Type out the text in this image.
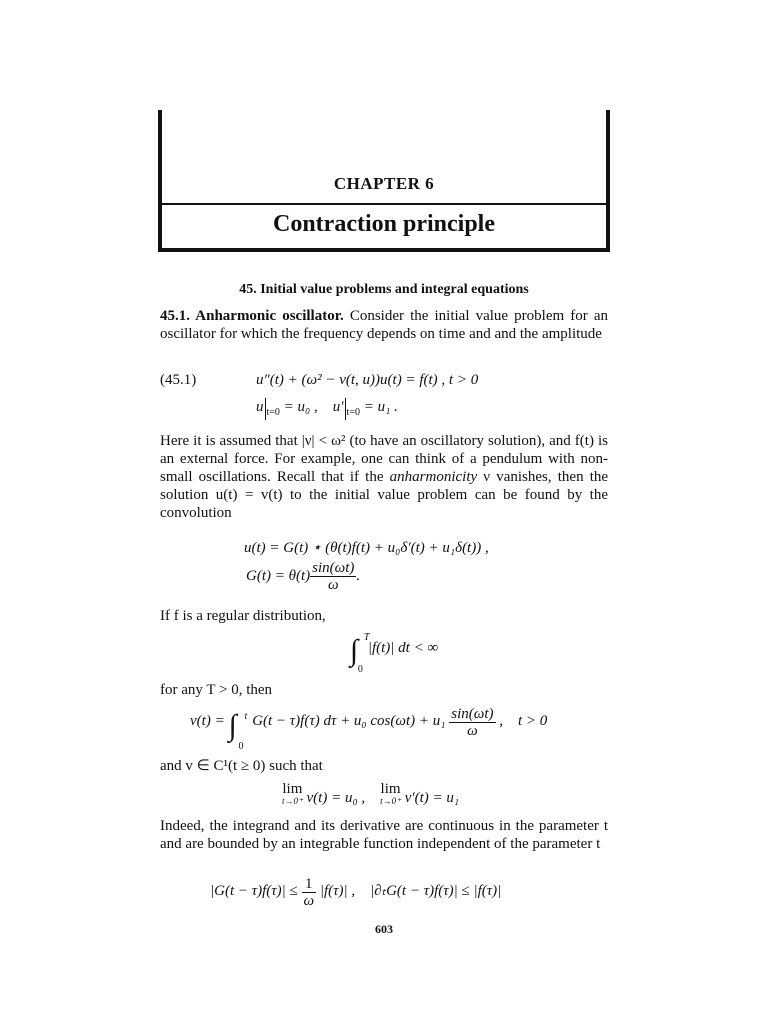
CHAPTER 6
Contraction principle
45. Initial value problems and integral equations

45.1. Anharmonic oscillator. Consider the initial value problem for an oscillator for which the frequency depends on time and and the amplitude

(45.1)	u″(t) + (ω² − ν(t, u))u(t) = f(t) , t > 0
u $_{t=0}$ = u₀ , u′ $_{t=0}$ = u₁ .

Here it is assumed that |ν| < ω² (to have an oscillatory solution), and f(t) is an external force. For example, one can think of a pendulum with non-small oscillations. Recall that if the anharmonicity ν vanishes, then the solution u(t) = v(t) to the initial value problem can be found by the convolution

u(t) = G(t) ⋆ (θ(t)f(t) + u₀δ′(t) + u₁δ(t)) ,
$G(t) = \theta(t) \frac{\sin(\omega t)}{\omega}$ .

If f is a regular distribution,

∫ T
0
|f(t)| dt < ∞

for any T > 0, then

v(t) = ∫ t
0
G(t − τ)f(τ) dτ + u₀ $\cos(\omega t) + u_1 \frac{\sin(\omega t)}{\omega}$ ,    t > 0

and v ∈ C¹(t ≥ 0) such that

lim
t→0⁺ v(t) = u₀ ,    lim
t→0⁺ v′(t) = u₁

Indeed, the integrand and its derivative are continuous in the parameter t and are bounded by an integrable function independent of the parameter t

$|G(t - \tau)f(\tau)| \le \frac{1}{\omega} |f(\tau)|$ , |∂ₜG(t − τ)f(τ)| ≤ |f(τ)|
603
